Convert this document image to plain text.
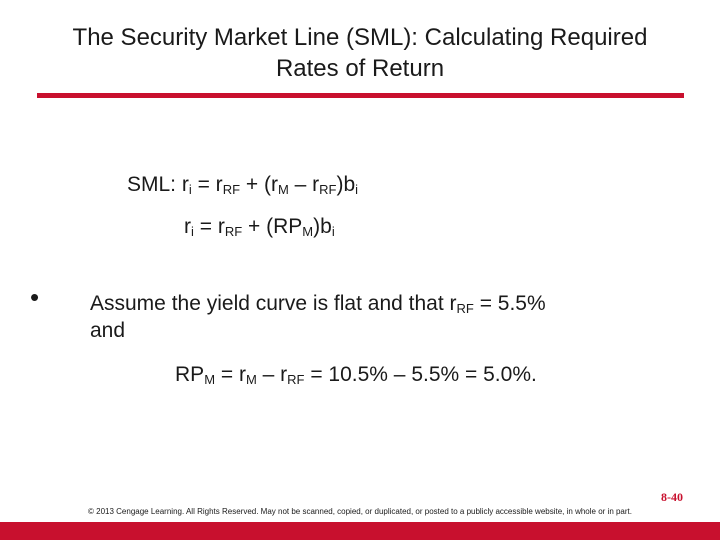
The Security Market Line (SML): Calculating Required
Rates of Return
SML: $r_i = r_{RF} + (r_M - r_{RF})b_i$
$r_i = r_{RF} + (RP_M)b_i$
• Assume the yield curve is flat and that $r_{RF} = 5.5\%$
and
$RP_M = r_M - r_{RF} = 10.5\% - 5.5\% = 5.0\%$.
8-40
© 2013 Cengage Learning. All Rights Reserved. May not be scanned, copied, or duplicated, or posted to a publicly accessible website, in whole or in part.
